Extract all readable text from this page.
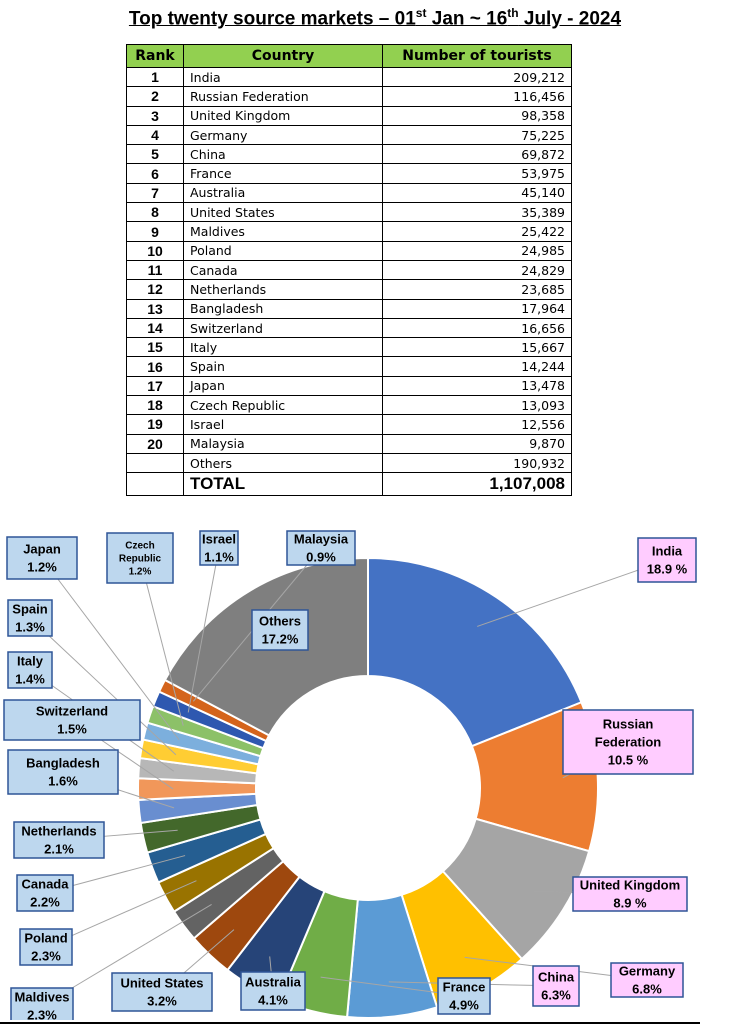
Top twenty source markets – 01st Jan ~ 16th July - 2024
Rank	Country	Number of tourists
1	India	209,212
2	Russian Federation	116,456
3	United Kingdom	98,358
4	Germany	75,225
5	China	69,872
6	France	53,975
7	Australia	45,140
8	United States	35,389
9	Maldives	25,422
10	Poland	24,985
11	Canada	24,829
12	Netherlands	23,685
13	Bangladesh	17,964
14	Switzerland	16,656
15	Italy	15,667
16	Spain	14,244
17	Japan	13,478
18	Czech Republic	13,093
19	Israel	12,556
20	Malaysia	9,870
	Others	190,932
	TOTAL	1,107,008
India
18.9 %
Russian
Federation
10.5 %
United Kingdom
8.9 %
Germany
6.8%
China
6.3%
France
4.9%
Australia
4.1%
United States
3.2%
Maldives
2.3%
Poland
2.3%
Canada
2.2%
Netherlands
2.1%
Bangladesh
1.6%
Switzerland
1.5%
Italy
1.4%
Spain
1.3%
Japan
1.2%
Czech
Republic
1.2%
Israel
1.1%
Malaysia
0.9%
Others
17.2%
